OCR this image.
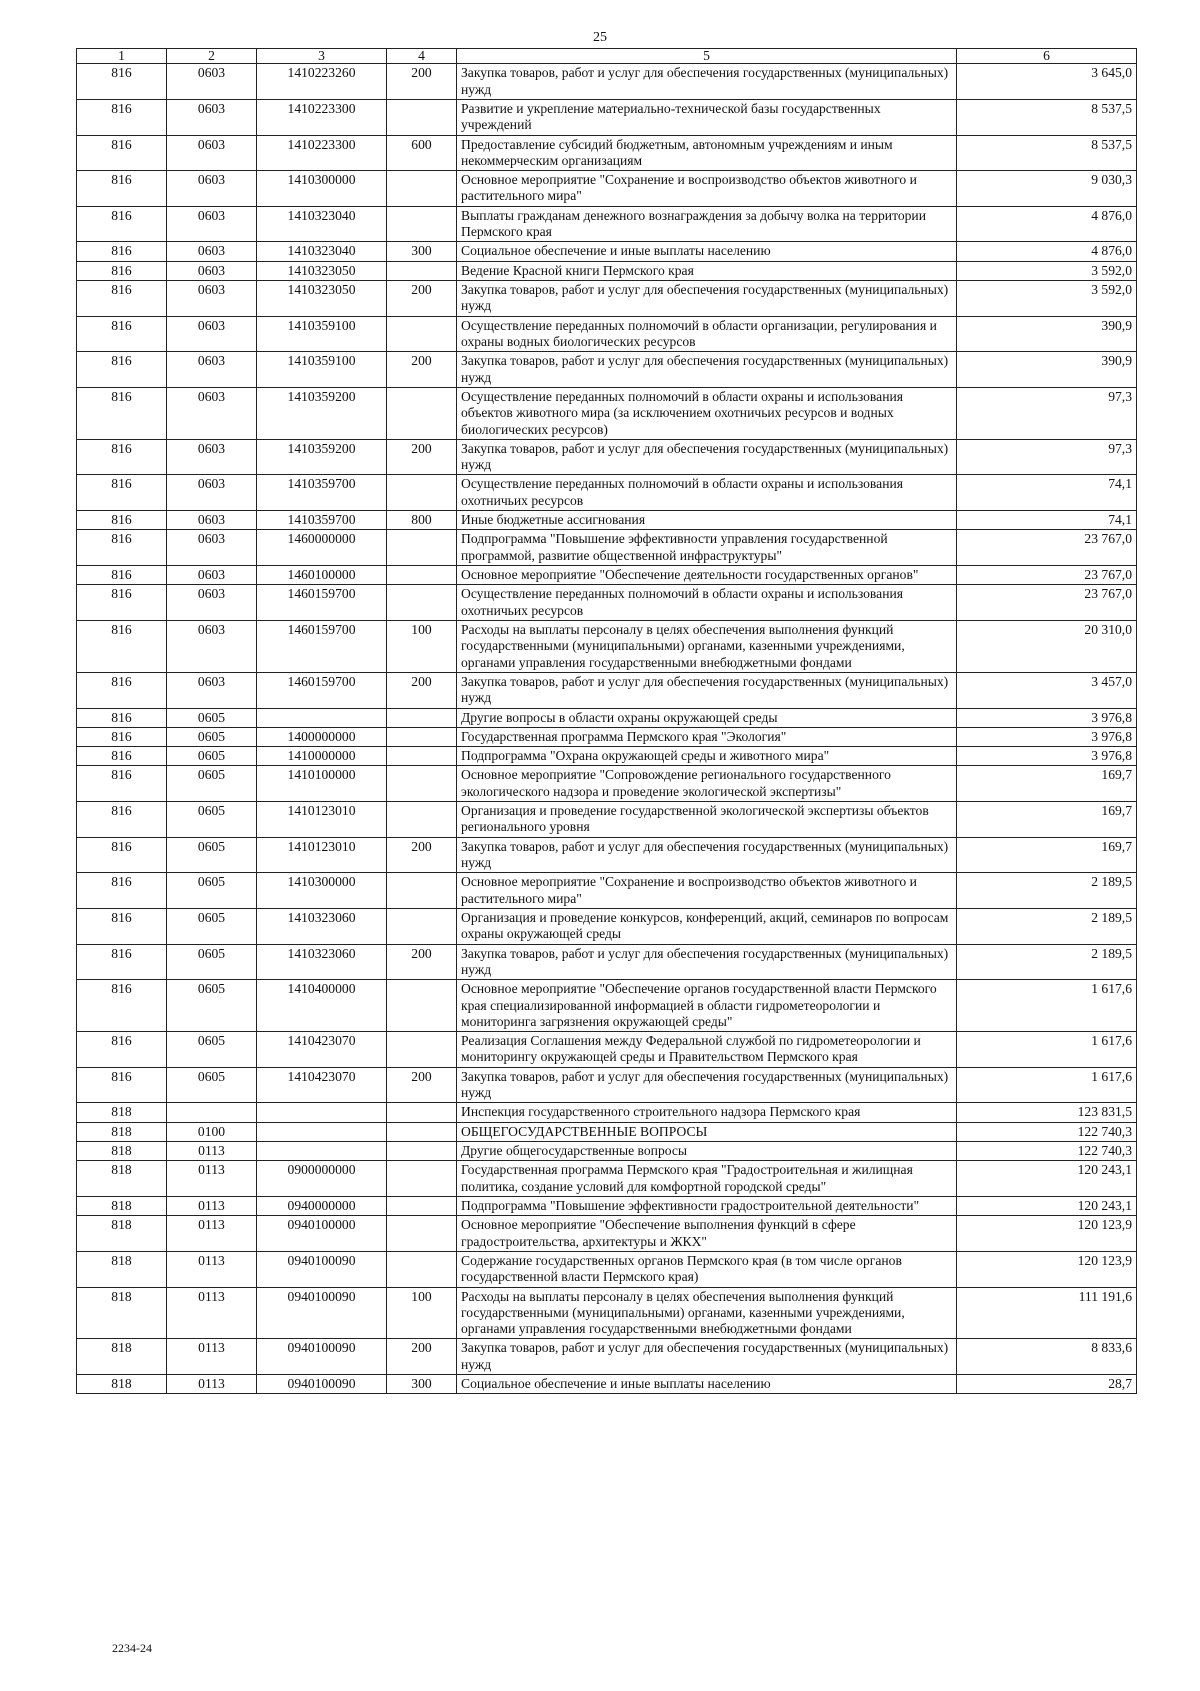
25
1	2	3	4	5	6
816	0603	1410223260	200	Закупка товаров, работ и услуг для обеспечения государственных (муниципальных) нужд	3 645,0
816	0603	1410223300		Развитие и укрепление материально-технической базы государственных учреждений	8 537,5
816	0603	1410223300	600	Предоставление субсидий бюджетным, автономным учреждениям и иным некоммерческим организациям	8 537,5
816	0603	1410300000		Основное мероприятие "Сохранение и воспроизводство объектов животного и растительного мира"	9 030,3
816	0603	1410323040		Выплаты гражданам денежного вознаграждения за добычу волка на территории Пермского края	4 876,0
816	0603	1410323040	300	Социальное обеспечение и иные выплаты населению	4 876,0
816	0603	1410323050		Ведение Красной книги Пермского края	3 592,0
816	0603	1410323050	200	Закупка товаров, работ и услуг для обеспечения государственных (муниципальных) нужд	3 592,0
816	0603	1410359100		Осуществление переданных полномочий в области организации, регулирования и охраны водных биологических ресурсов	390,9
816	0603	1410359100	200	Закупка товаров, работ и услуг для обеспечения государственных (муниципальных) нужд	390,9
816	0603	1410359200		Осуществление переданных полномочий в области охраны и использования объектов животного мира (за исключением охотничьих ресурсов и водных биологических ресурсов)	97,3
816	0603	1410359200	200	Закупка товаров, работ и услуг для обеспечения государственных (муниципальных) нужд	97,3
816	0603	1410359700		Осуществление переданных полномочий в области охраны и использования охотничьих ресурсов	74,1
816	0603	1410359700	800	Иные бюджетные ассигнования	74,1
816	0603	1460000000		Подпрограмма "Повышение эффективности управления государственной программой, развитие общественной инфраструктуры"	23 767,0
816	0603	1460100000		Основное мероприятие "Обеспечение деятельности государственных органов"	23 767,0
816	0603	1460159700		Осуществление переданных полномочий в области охраны и использования охотничьих ресурсов	23 767,0
816	0603	1460159700	100	Расходы на выплаты персоналу в целях обеспечения выполнения функций государственными (муниципальными) органами, казенными учреждениями, органами управления государственными внебюджетными фондами	20 310,0
816	0603	1460159700	200	Закупка товаров, работ и услуг для обеспечения государственных (муниципальных) нужд	3 457,0
816	0605			Другие вопросы в области охраны окружающей среды	3 976,8
816	0605	1400000000		Государственная программа Пермского края "Экология"	3 976,8
816	0605	1410000000		Подпрограмма "Охрана окружающей среды и животного мира"	3 976,8
816	0605	1410100000		Основное мероприятие "Сопровождение регионального государственного экологического надзора и проведение экологической экспертизы"	169,7
816	0605	1410123010		Организация и проведение государственной экологической экспертизы объектов регионального уровня	169,7
816	0605	1410123010	200	Закупка товаров, работ и услуг для обеспечения государственных (муниципальных) нужд	169,7
816	0605	1410300000		Основное мероприятие "Сохранение и воспроизводство объектов животного и растительного мира"	2 189,5
816	0605	1410323060		Организация и проведение конкурсов, конференций, акций, семинаров по вопросам охраны окружающей среды	2 189,5
816	0605	1410323060	200	Закупка товаров, работ и услуг для обеспечения государственных (муниципальных) нужд	2 189,5
816	0605	1410400000		Основное мероприятие "Обеспечение органов государственной власти Пермского края специализированной информацией в области гидрометеорологии и мониторинга загрязнения окружающей среды"	1 617,6
816	0605	1410423070		Реализация Соглашения между Федеральной службой по гидрометеорологии и мониторингу окружающей среды и Правительством Пермского края	1 617,6
816	0605	1410423070	200	Закупка товаров, работ и услуг для обеспечения государственных (муниципальных) нужд	1 617,6
818				Инспекция государственного строительного надзора Пермского края	123 831,5
818	0100			ОБЩЕГОСУДАРСТВЕННЫЕ ВОПРОСЫ	122 740,3
818	0113			Другие общегосударственные вопросы	122 740,3
818	0113	0900000000		Государственная программа Пермского края "Градостроительная и жилищная политика, создание условий для комфортной городской среды"	120 243,1
818	0113	0940000000		Подпрограмма "Повышение эффективности градостроительной деятельности"	120 243,1
818	0113	0940100000		Основное мероприятие "Обеспечение выполнения функций в сфере градостроительства, архитектуры и ЖКХ"	120 123,9
818	0113	0940100090		Содержание государственных органов Пермского края (в том числе органов государственной власти Пермского края)	120 123,9
818	0113	0940100090	100	Расходы на выплаты персоналу в целях обеспечения выполнения функций государственными (муниципальными) органами, казенными учреждениями, органами управления государственными внебюджетными фондами	111 191,6
818	0113	0940100090	200	Закупка товаров, работ и услуг для обеспечения государственных (муниципальных) нужд	8 833,6
818	0113	0940100090	300	Социальное обеспечение и иные выплаты населению	28,7
2234-24
